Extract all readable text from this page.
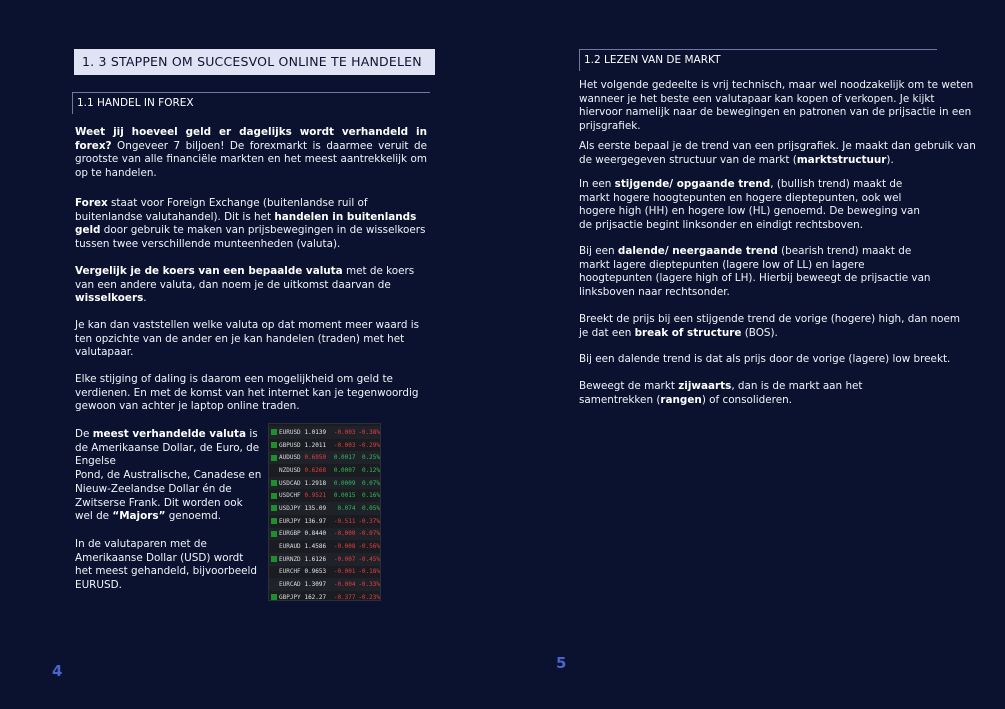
1. 3 STAPPEN OM SUCCESVOL ONLINE TE HANDELEN
1.1 HANDEL IN FOREX
Weet jij hoeveel geld er dagelijks wordt verhandeld in forex? Ongeveer 7 biljoen! De forexmarkt is daarmee veruit de grootste van alle financiële markten en het meest aantrekkelijk om op te handelen.
Forex staat voor Foreign Exchange (buitenlandse ruil of buitenlandse valutahandel). Dit is het handelen in buitenlands geld door gebruik te maken van prijsbewegingen in de wisselkoers tussen twee verschillende munteenheden (valuta).
Vergelijk je de koers van een bepaalde valuta met de koers van een andere valuta, dan noem je de uitkomst daarvan de wisselkoers.
Je kan dan vaststellen welke valuta op dat moment meer waard is ten opzichte van de ander en je kan handelen (traden) met het valutapaar.
Elke stijging of daling is daarom een mogelijkheid om geld te verdienen. En met de komst van het internet kan je tegenwoordig gewoon van achter je laptop online traden.
De meest verhandelde valuta is de Amerikaanse Dollar, de Euro, de Engelse
Pond, de Australische, Canadese en Nieuw-Zeelandse Dollar én de Zwitserse Frank. Dit worden ook wel de “Majors” genoemd.
In de valutaparen met de Amerikaanse Dollar (USD) wordt het meest gehandeld, bijvoorbeeld EURUSD.
EURUSD 1.0139	-0.003 -0.38%
GBPUSD 1.2011	-0.003 -0.29%
AUDUSD 0.6950	0.0017	0.25%
NZDUSD 0.6268	0.0007	0.12%
USDCAD 1.2918	0.0009	0.07%
USDCHF 0.9521	0.0015	0.16%
USDJPY 135.09	0.074	0.05%
EURJPY 136.97	-0.511 -0.37%
EURGBP 0.8440	-0.000 -0.07%
EURAUD 1.4586	-0.008 -0.56%
EURNZD 1.6126	-0.007 -0.45%
EURCHF 0.9653	-0.001 -0.18%
EURCAD 1.3097	-0.004 -0.33%
GBPJPY 162.27	-0.377 -0.23%
4
1.2 LEZEN VAN DE MARKT
Het volgende gedeelte is vrij technisch, maar wel noodzakelijk om te weten wanneer je het beste een valutapaar kan kopen of verkopen. Je kijkt hiervoor namelijk naar de bewegingen en patronen van de prijsactie in een prijsgrafiek.
Als eerste bepaal je de trend van een prijsgrafiek. Je maakt dan gebruik van de weergegeven structuur van de markt (marktstructuur).
In een stijgende/ opgaande trend, (bullish trend) maakt de markt hogere hoogtepunten en hogere dieptepunten, ook wel hogere high (HH) en hogere low (HL) genoemd. De beweging van de prijsactie begint linksonder en eindigt rechtsboven.
Bij een dalende/ neergaande trend (bearish trend) maakt de markt lagere dieptepunten (lagere low of LL) en lagere hoogtepunten (lagere high of LH). Hierbij beweegt de prijsactie van linksboven naar rechtsonder.
Breekt de prijs bij een stijgende trend de vorige (hogere) high, dan noem je dat een break of structure (BOS).
Bij een dalende trend is dat als prijs door de vorige (lagere) low breekt.
Beweegt de markt zijwaarts, dan is de markt aan het samentrekken (rangen) of consolideren.
5
